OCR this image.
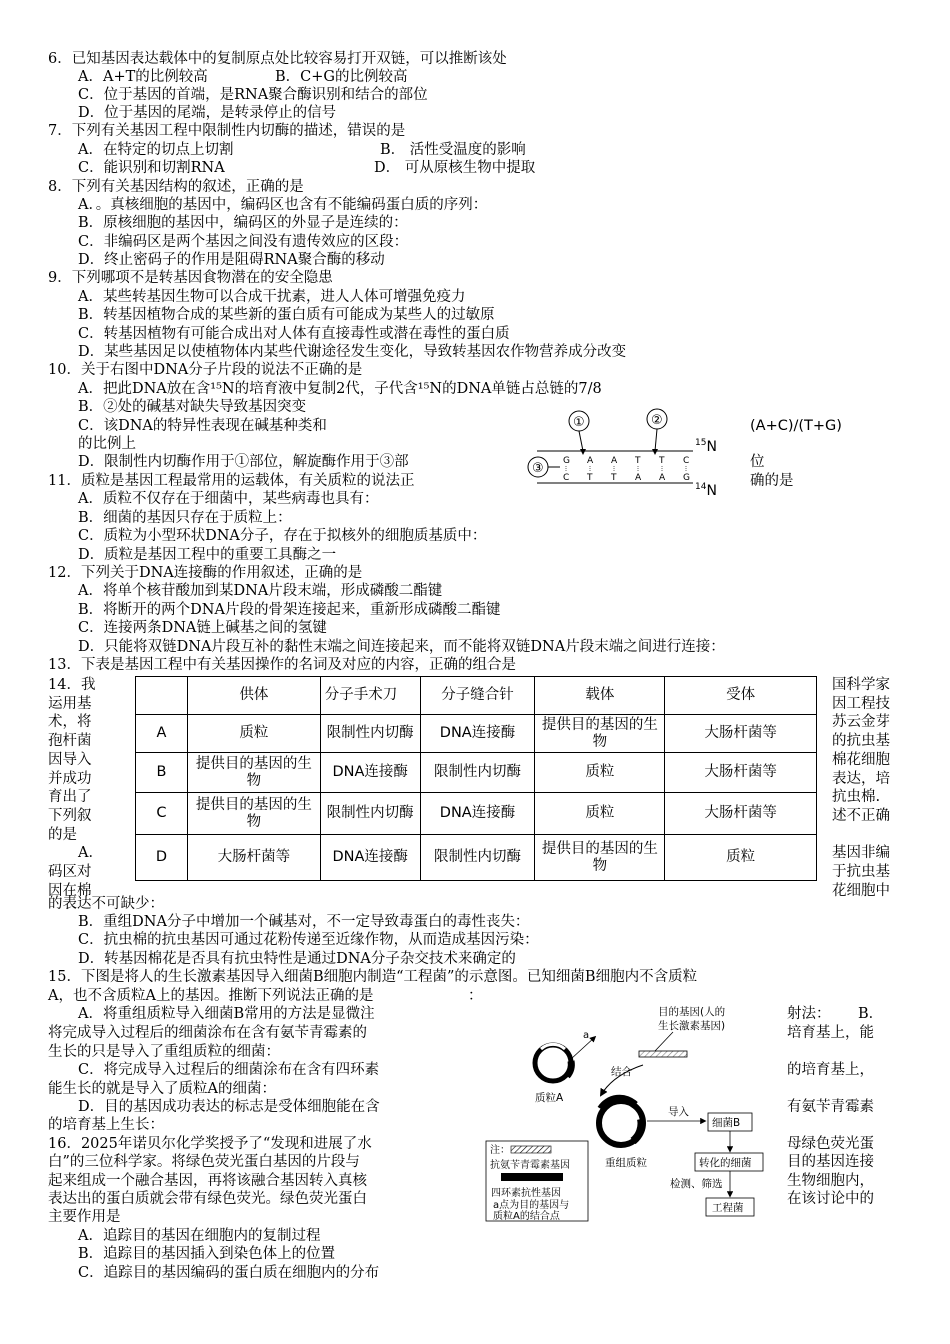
6．已知基因表达载体中的复制原点处比较容易打开双链，可以推断该处
A．A+T的比例较高	B．C+G的比例较高
C．位于基因的首端，是RNA聚合酶识别和结合的部位
D．位于基因的尾端，是转录停止的信号
7．下列有关基因工程中限制性内切酶的描述，错误的是
A．在特定的切点上切割	B． 活性受温度的影响
C．能识别和切割RNA	D． 可从原核生物中提取
8．下列有关基因结构的叙述，正确的是
A．。真核细胞的基因中，编码区也含有不能编码蛋白质的序列：
B．原核细胞的基因中，编码区的外显子是连续的：
C．非编码区是两个基因之间没有遗传效应的区段：
D．终止密码子的作用是阻碍RNA聚合酶的移动
9．下列哪项不是转基因食物潜在的安全隐患
A．某些转基因生物可以合成干扰素，进人人体可增强免疫力
B．转基因植物合成的某些新的蛋白质有可能成为某些人的过敏原
C．转基因植物有可能合成出对人体有直接毒性或潜在毒性的蛋白质
D．某些基因足以使植物体内某些代谢途径发生变化，导致转基因农作物营养成分改变
10．关于右图中DNA分子片段的说法不正确的是
A．把此DNA放在含¹⁵N的培育液中复制2代，子代含¹⁵N的DNA单链占总链的7/8
B．②处的碱基对缺失导致基因突变
C．该DNA的特异性表现在碱基种类和	(A+C)/(T+G)
的比例上
D．限制性内切酶作用于①部位，解旋酶作用于③部	位
①	②
③ G
C
A
T
A
T
T
A
T
A
C
G
$^{15}$N
$^{14}$N
11．质粒是基因工程最常用的运载体，有关质粒的说法正	确的是
A．质粒不仅存在于细菌中，某些病毒也具有：
B．细菌的基因只存在于质粒上：
C．质粒为小型环状DNA分子，存在于拟核外的细胞质基质中：
D．质粒是基因工程中的重要工具酶之一
12．下列关于DNA连接酶的作用叙述，正确的是
A．将单个核苷酸加到某DNA片段末端，形成磷酸二酯键
B．将断开的两个DNA片段的骨架连接起来，重新形成磷酸二酯键
C．连接两条DNA链上碱基之间的氢键
D．只能将双链DNA片段互补的黏性末端之间连接起来，而不能将双链DNA片段末端之间进行连接：
13．下表是基因工程中有关基因操作的名词及对应的内容，正确的组合是
	供体	分子手术刀	分子缝合针	载体	受体
A	质粒	限制性内切酶	DNA连接酶	提供目的基因的生物	大肠杆菌等
B	提供目的基因的生物	DNA连接酶	限制性内切酶	质粒	大肠杆菌等
C	提供目的基因的生物	限制性内切酶	DNA连接酶	质粒	大肠杆菌等
D	大肠杆菌等	DNA连接酶	限制性内切酶	提供目的基因的生物	质粒
14．我
运用基
术，将
孢杆菌
因导入
并成功
育出了
下列叙
的是
A．
码区对
因在棉
国科学家
因工程技
苏云金芽
的抗虫基
棉花细胞
表达，培
抗虫棉.
述不正确
基因非编
于抗虫基
花细胞中
的表达不可缺少：
B．重组DNA分子中增加一个碱基对，不一定导致毒蛋白的毒性丧失：
C．抗虫棉的抗虫基因可通过花粉传递至近缘作物，从而造成基因污染：
D．转基因棉花是否具有抗虫特性是通过DNA分子杂交技术来确定的
15．下图是将人的生长激素基因导入细菌B细胞内制造“工程菌”的示意图。已知细菌B细胞内不含质粒
A，也不含质粒A上的基因。推断下列说法正确的是	：
A．将重组质粒导入细菌B常用的方法是显微注	射法： B．
将完成导入过程后的细菌涂布在含有氨苄青霉素的	培育基上，能
生长的只是导入了重组质粒的细菌：
C．将完成导入过程后的细菌涂布在含有四环素	的培育基上，
能生长的就是导入了质粒A的细菌：
D．目的基因成功表达的标志是受体细胞能在含	有氨苄青霉素
的培育基上生长：
目的基因(人的
生长激素基因)
质粒A
a
结合
重组质粒
导入
细菌B
转化的细菌
检测、筛选
工程菌
注：
抗氨苄青霉素基因
四环素抗性基因
a点为目的基因与
质粒A的结合点
16．2025年诺贝尔化学奖授予了“发现和进展了水	母绿色荧光蛋
白”的三位科学家。将绿色荧光蛋白基因的片段与	目的基因连接
起来组成一个融合基因，再将该融合基因转入真核	生物细胞内，
表达出的蛋白质就会带有绿色荧光。绿色荧光蛋白	在该讨论中的
主要作用是
A．追踪目的基因在细胞内的复制过程
B．追踪目的基因插入到染色体上的位置
C．追踪目的基因编码的蛋白质在细胞内的分布
